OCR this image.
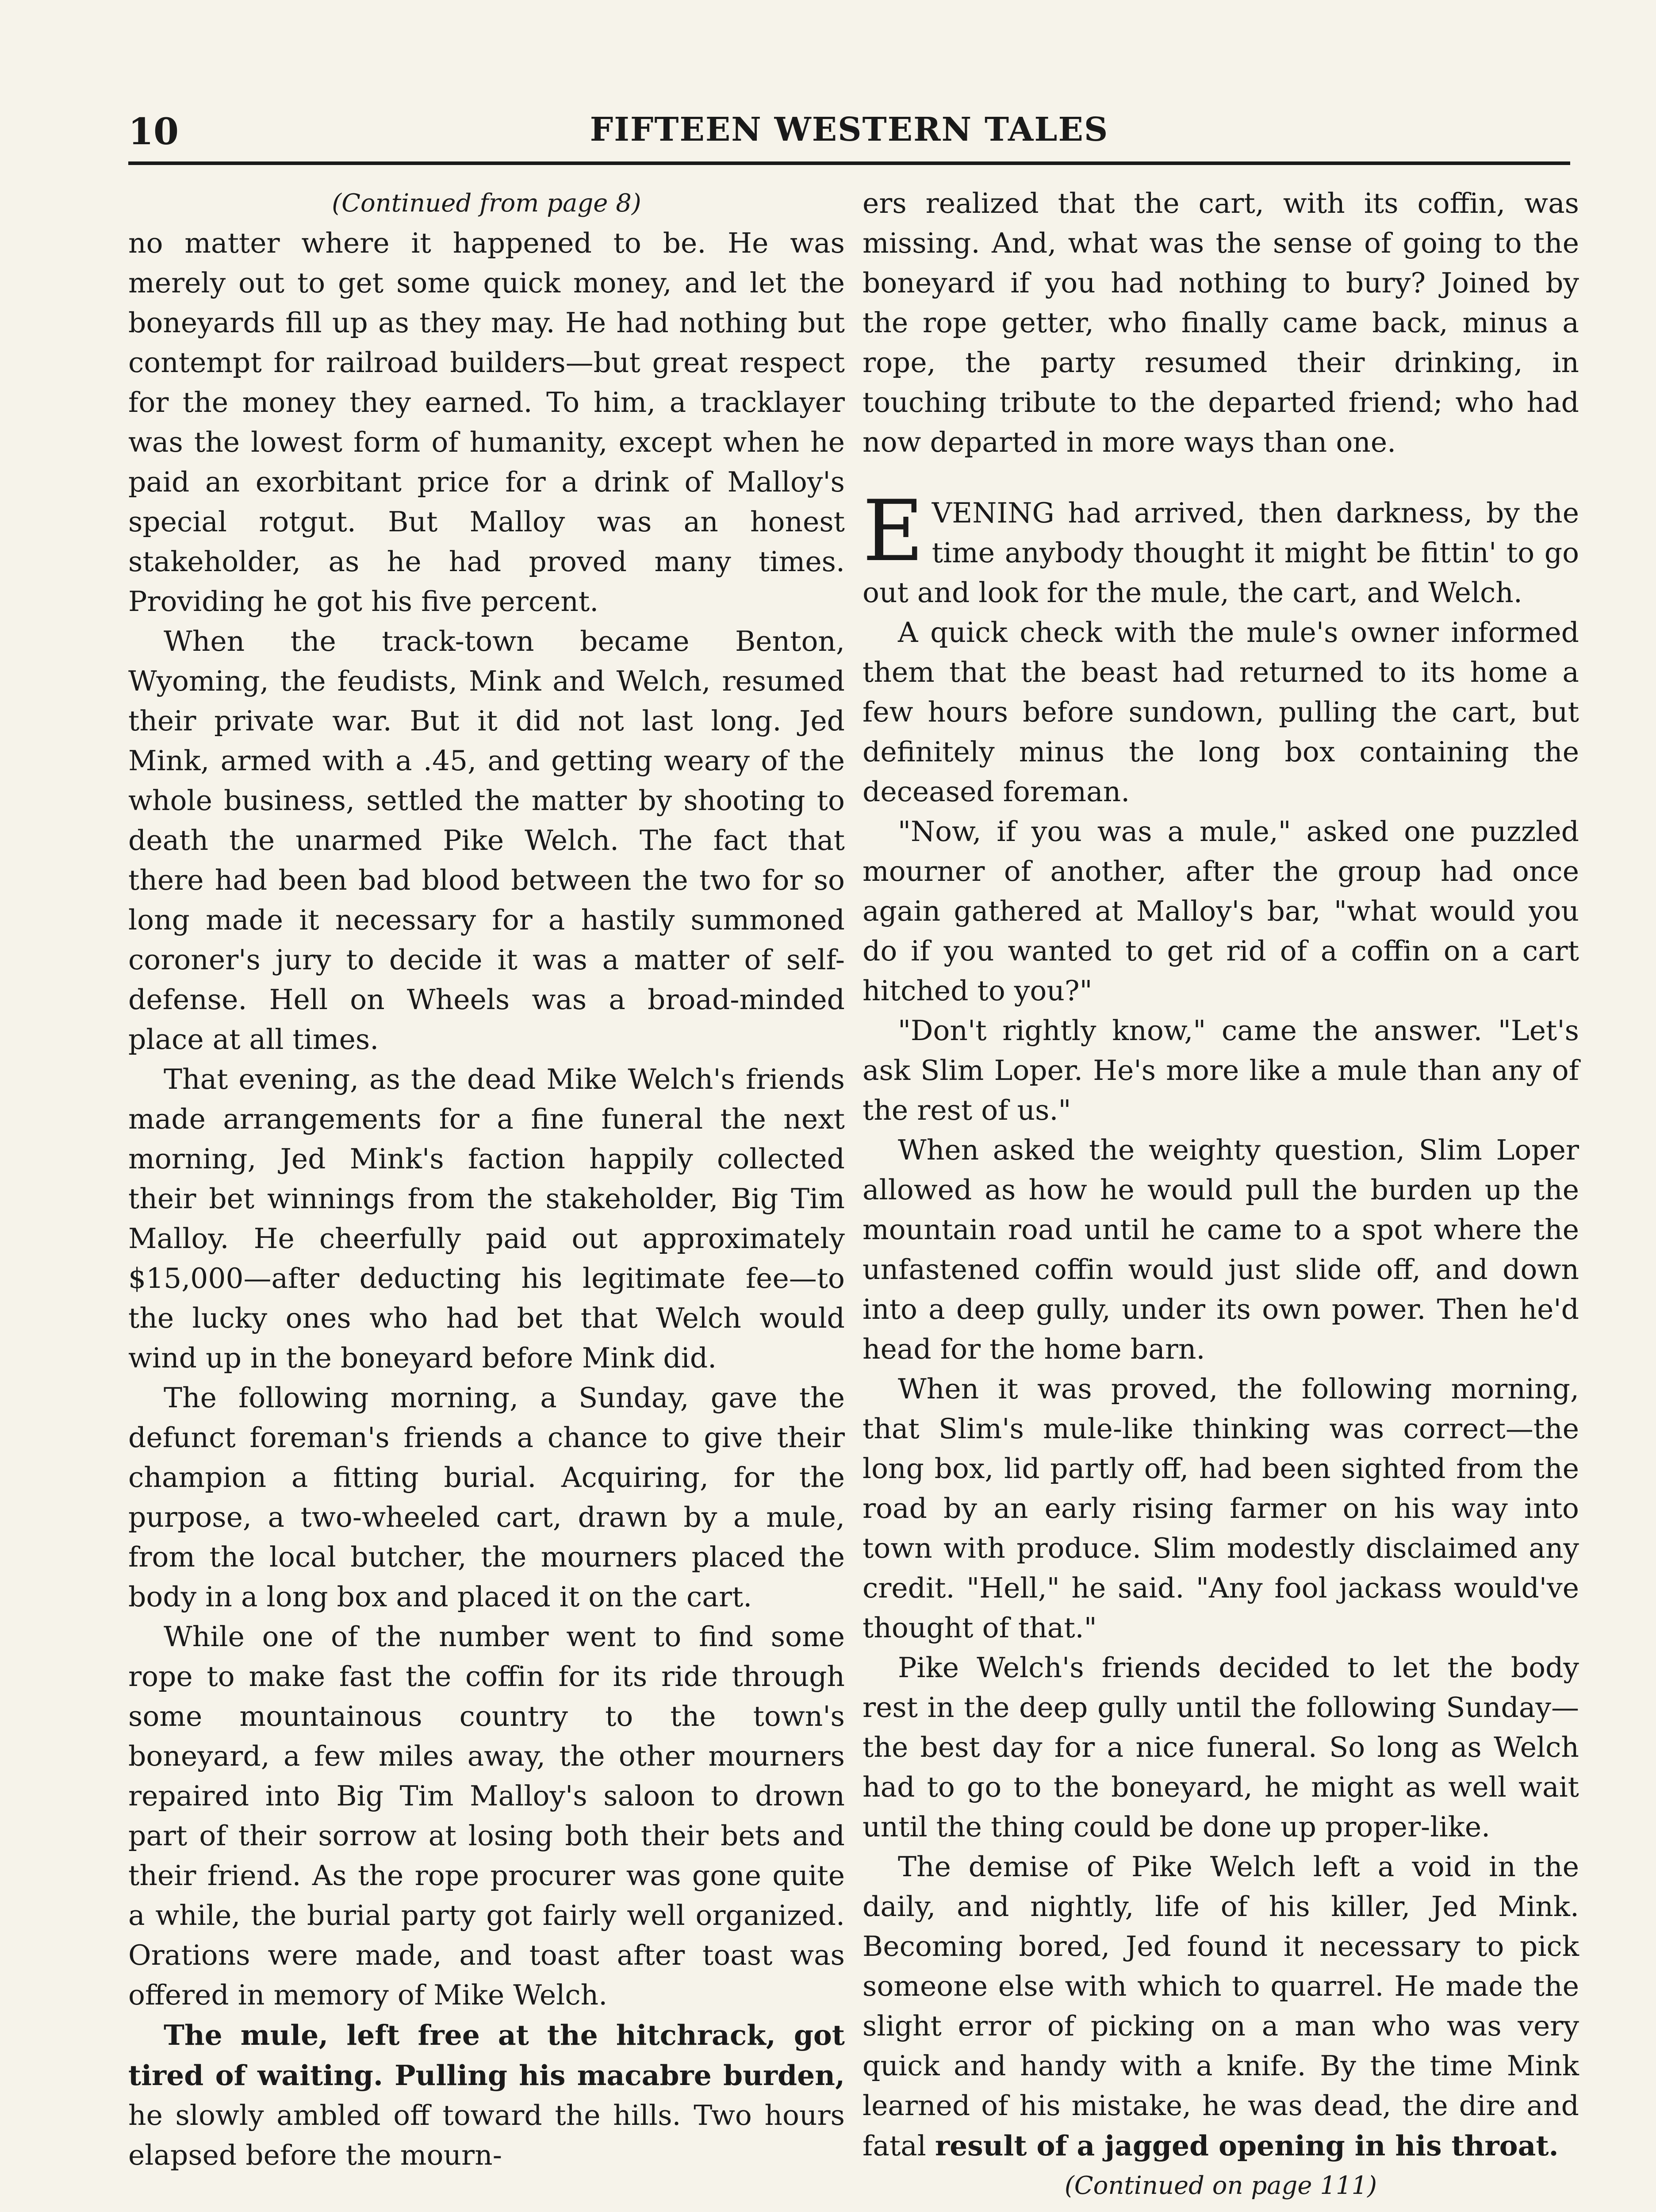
10	FIFTEEN WESTERN TALES

(Continued from page 8)

no matter where it happened to be. He was merely out to get some quick money, and let the boneyards fill up as they may. He had nothing but contempt for railroad builders—but great respect for the money they earned. To him, a tracklayer was the lowest form of humanity, except when he paid an exorbitant price for a drink of Malloy's special rotgut. But Malloy was an honest stakeholder, as he had proved many times. Providing he got his five percent.

When the track-town became Benton, Wyoming, the feudists, Mink and Welch, resumed their private war. But it did not last long. Jed Mink, armed with a .45, and getting weary of the whole business, settled the matter by shooting to death the unarmed Pike Welch. The fact that there had been bad blood between the two for so long made it necessary for a hastily summoned coroner's jury to decide it was a matter of self-defense. Hell on Wheels was a broad-minded place at all times.

That evening, as the dead Mike Welch's friends made arrangements for a fine funeral the next morning, Jed Mink's faction happily collected their bet winnings from the stakeholder, Big Tim Malloy. He cheerfully paid out approximately $15,000—after deducting his legitimate fee—to the lucky ones who had bet that Welch would wind up in the boneyard before Mink did.

The following morning, a Sunday, gave the defunct foreman's friends a chance to give their champion a fitting burial. Acquiring, for the purpose, a two-wheeled cart, drawn by a mule, from the local butcher, the mourners placed the body in a long box and placed it on the cart.

While one of the number went to find some rope to make fast the coffin for its ride through some mountainous country to the town's boneyard, a few miles away, the other mourners repaired into Big Tim Malloy's saloon to drown part of their sorrow at losing both their bets and their friend. As the rope procurer was gone quite a while, the burial party got fairly well organized. Orations were made, and toast after toast was offered in memory of Mike Welch.

The mule, left free at the hitchrack, got tired of waiting. Pulling his macabre burden, he slowly ambled off toward the hills. Two hours elapsed before the mourn-

ers realized that the cart, with its coffin, was missing. And, what was the sense of going to the boneyard if you had nothing to bury? Joined by the rope getter, who finally came back, minus a rope, the party resumed their drinking, in touching tribute to the departed friend; who had now departed in more ways than one.

EVENING had arrived, then darkness, by the time anybody thought it might be fittin' to go out and look for the mule, the cart, and Welch.

A quick check with the mule's owner informed them that the beast had returned to its home a few hours before sundown, pulling the cart, but definitely minus the long box containing the deceased foreman.

"Now, if you was a mule," asked one puzzled mourner of another, after the group had once again gathered at Malloy's bar, "what would you do if you wanted to get rid of a coffin on a cart hitched to you?"

"Don't rightly know," came the answer. "Let's ask Slim Loper. He's more like a mule than any of the rest of us."

When asked the weighty question, Slim Loper allowed as how he would pull the burden up the mountain road until he came to a spot where the unfastened coffin would just slide off, and down into a deep gully, under its own power. Then he'd head for the home barn.

When it was proved, the following morning, that Slim's mule-like thinking was correct—the long box, lid partly off, had been sighted from the road by an early rising farmer on his way into town with produce. Slim modestly disclaimed any credit. "Hell," he said. "Any fool jackass would've thought of that."

Pike Welch's friends decided to let the body rest in the deep gully until the following Sunday—the best day for a nice funeral. So long as Welch had to go to the boneyard, he might as well wait until the thing could be done up proper-like.

The demise of Pike Welch left a void in the daily, and nightly, life of his killer, Jed Mink. Becoming bored, Jed found it necessary to pick someone else with which to quarrel. He made the slight error of picking on a man who was very quick and handy with a knife. By the time Mink learned of his mistake, he was dead, the dire and fatal result of a jagged opening in his throat.

(Continued on page 111)
